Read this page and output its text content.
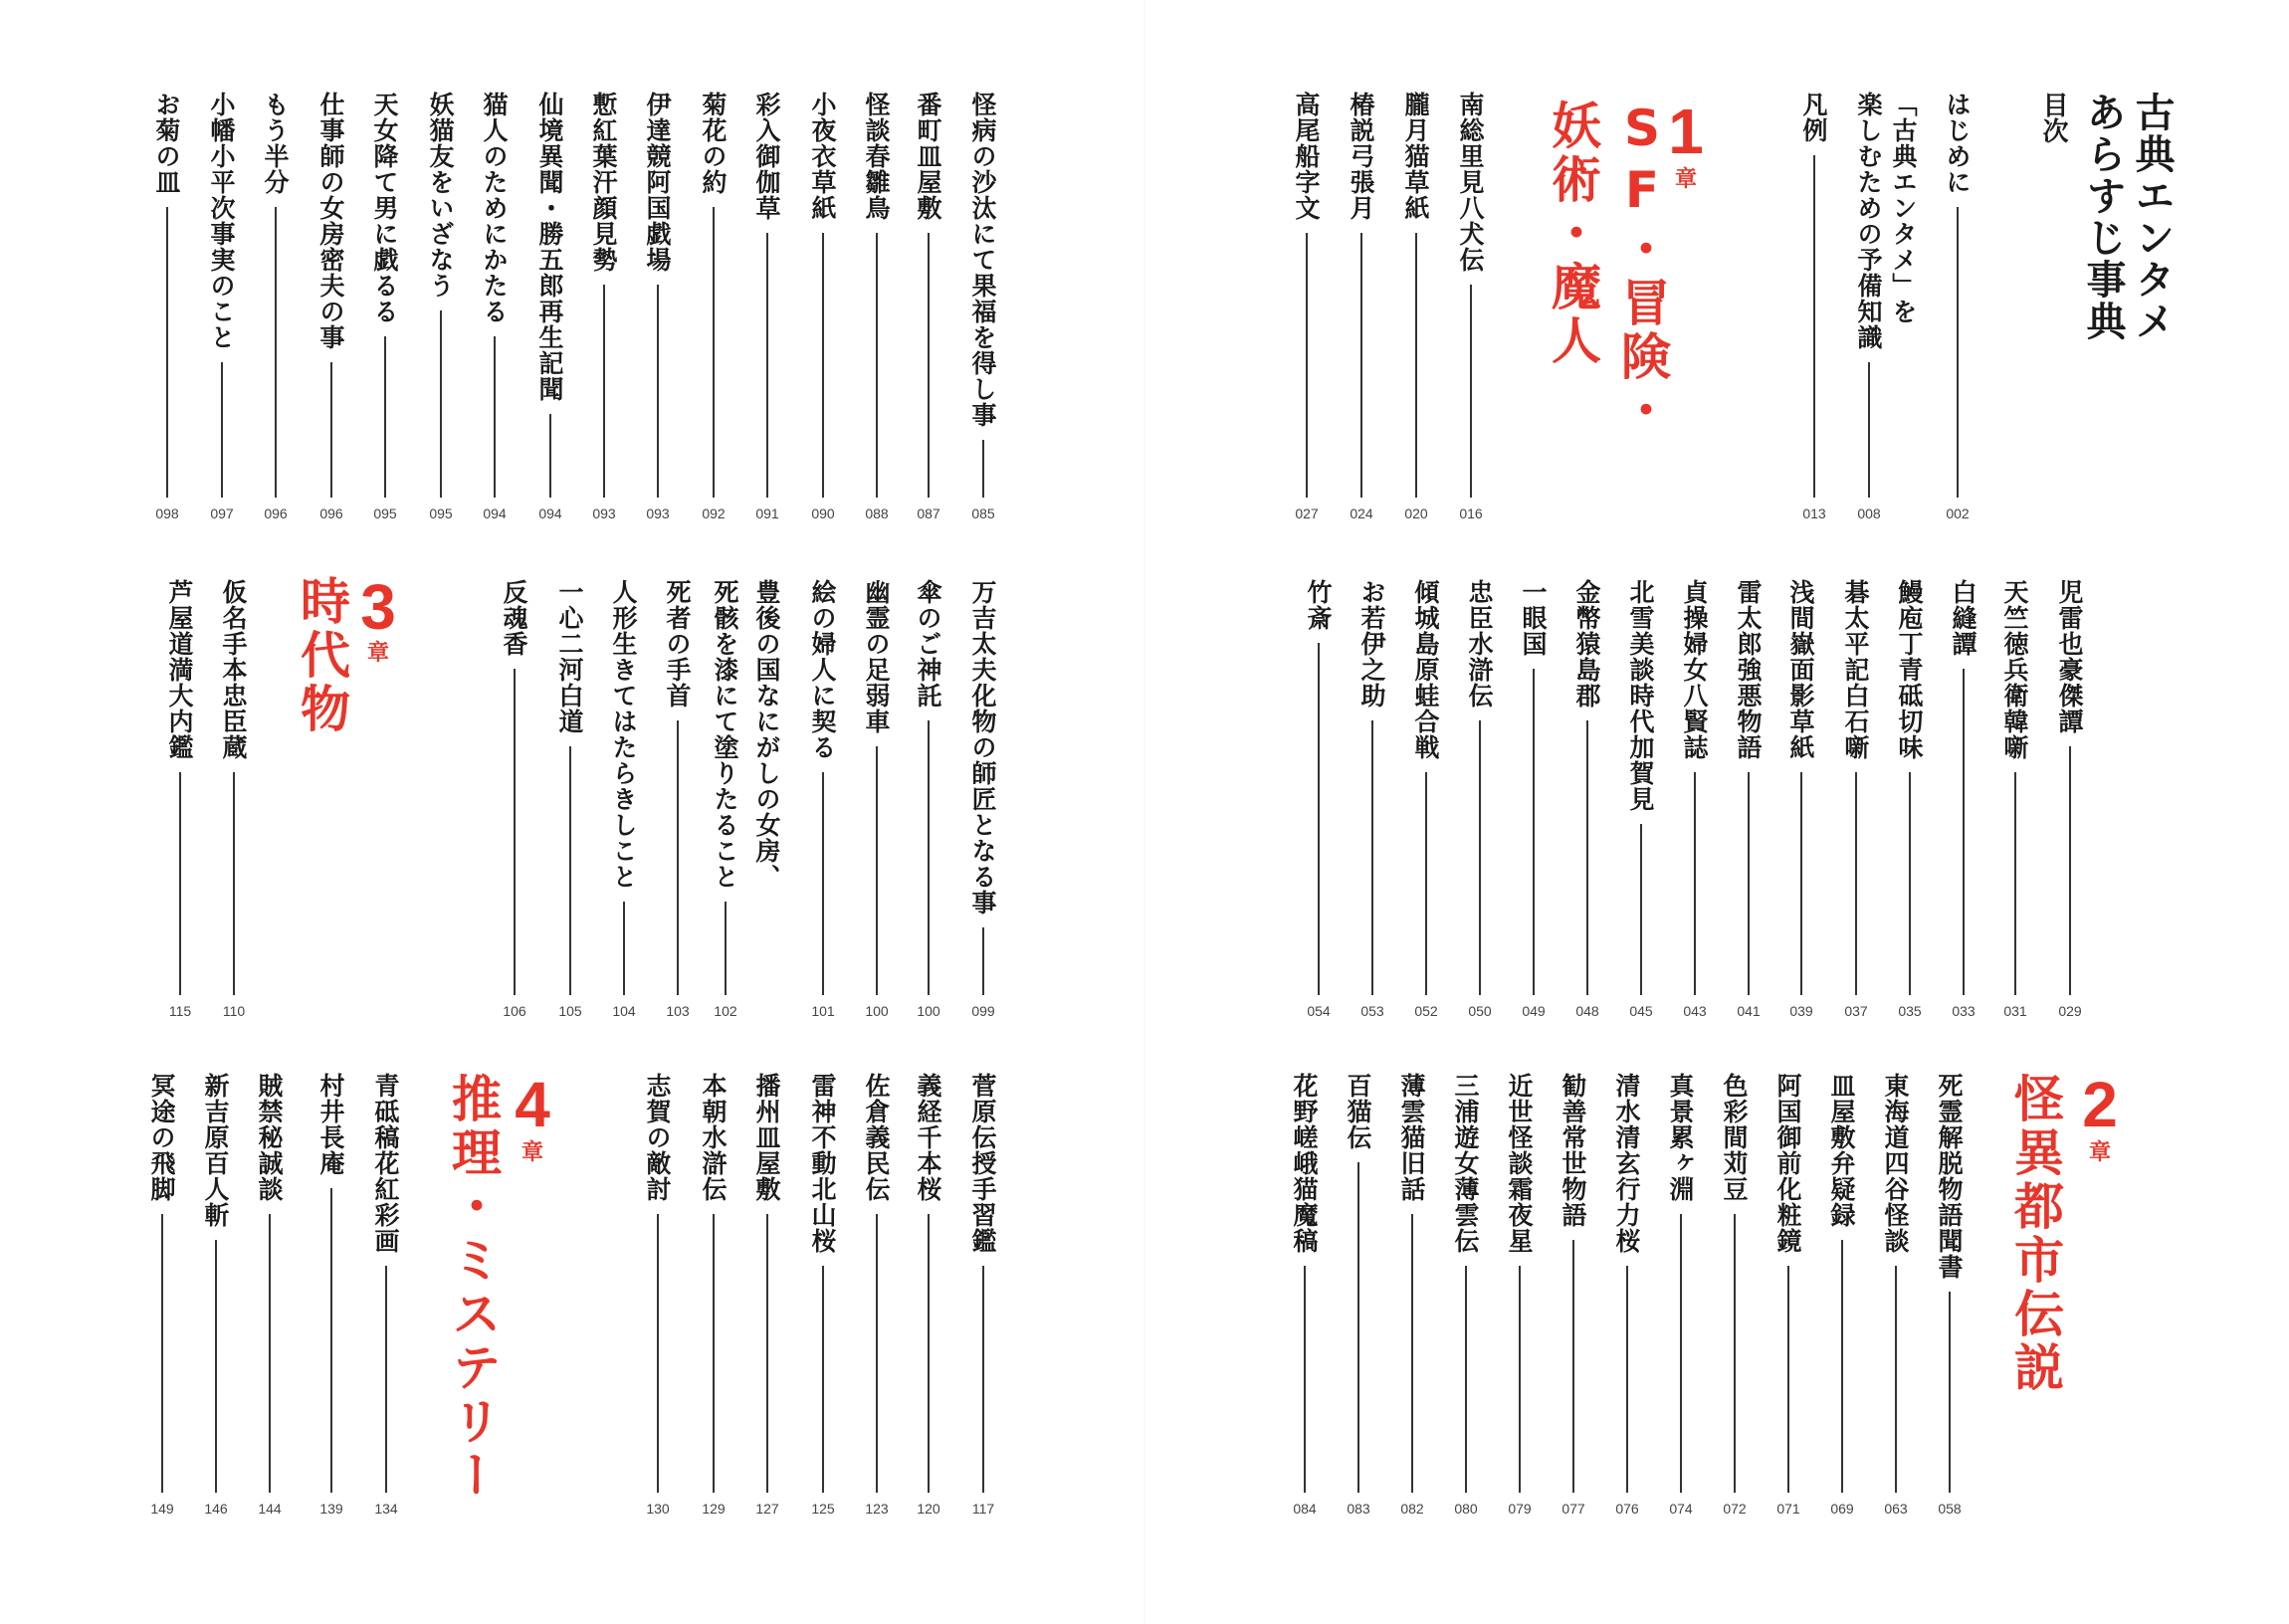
古典エンタメ
あらすじ事典
目次
1
章
SF・冒険・
妖術・魔人
2
章
怪異都市伝説
3
章
時代物
4
章
推理・ミステリー
はじめに
002
「古典エンタメ」を
楽しむための予備知識
008
凡例
013
南総里見八犬伝
016
朧月猫草紙
020
椿説弓張月
024
高尾船字文
027
児雷也豪傑譚
029
天竺徳兵衛韓噺
031
白縫譚
033
鰻庖丁青砥切味
035
碁太平記白石噺
037
浅間嶽面影草紙
039
雷太郎強悪物語
041
貞操婦女八賢誌
043
北雪美談時代加賀見
045
金幣猿島郡
048
一眼国
049
忠臣水滸伝
050
傾城島原蛙合戦
052
お若伊之助
053
竹斎
054
死霊解脱物語聞書
058
東海道四谷怪談
063
皿屋敷弁疑録
069
阿国御前化粧鏡
071
色彩間苅豆
072
真景累ヶ淵
074
清水清玄行力桜
076
勧善常世物語
077
近世怪談霜夜星
079
三浦遊女薄雲伝
080
薄雲猫旧話
082
百猫伝
083
花野嵯峨猫魔稿
084
怪病の沙汰にて果福を得し事
085
番町皿屋敷
087
怪談春雛鳥
088
小夜衣草紙
090
彩入御伽草
091
菊花の約
092
伊達競阿国戯場
093
慙紅葉汗顔見勢
093
仙境異聞・勝五郎再生記聞
094
猫人のためにかたる
094
妖猫友をいざなう
095
天女降て男に戯るる
095
仕事師の女房密夫の事
096
もう半分
096
小幡小平次事実のこと
097
お菊の皿
098
万吉太夫化物の師匠となる事
099
傘のご神託
100
幽霊の足弱車
100
絵の婦人に契る
101
豊後の国なにがしの女房、
死骸を漆にて塗りたること
102
死者の手首
103
人形生きてはたらきしこと
104
一心二河白道
105
反魂香
106
仮名手本忠臣蔵
110
芦屋道満大内鑑
115
菅原伝授手習鑑
117
義経千本桜
120
佐倉義民伝
123
雷神不動北山桜
125
播州皿屋敷
127
本朝水滸伝
129
志賀の敵討
130
青砥稿花紅彩画
134
村井長庵
139
賊禁秘誠談
144
新吉原百人斬
146
冥途の飛脚
149
